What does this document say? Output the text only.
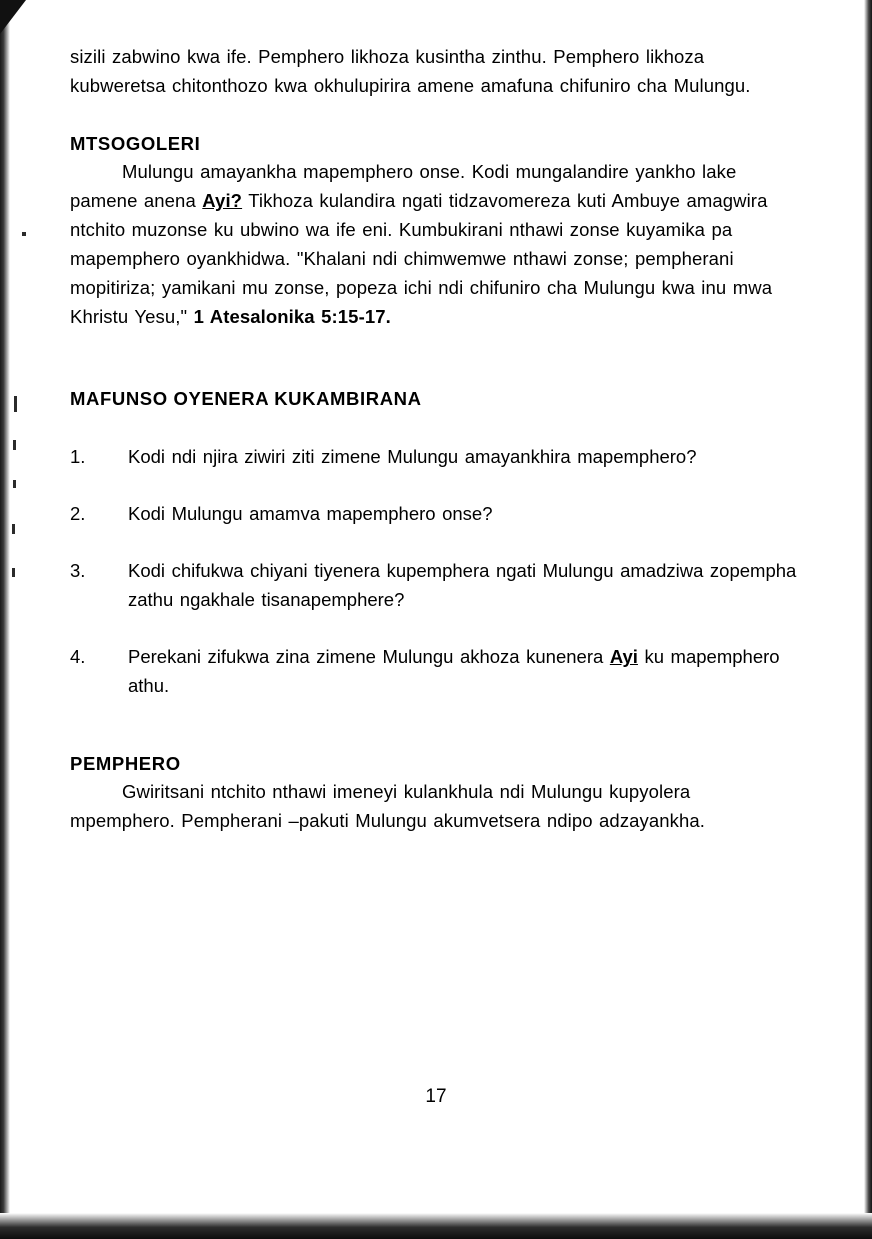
sizili zabwino kwa ife. Pemphero likhoza kusintha zinthu. Pemphero likhoza kubweretsa chitonthozo kwa okhulupirira amene amafuna chifuniro cha Mulungu.

MTSOGOLERI

Mulungu amayankha mapemphero onse. Kodi mungalandire yankho lake pamene anena Ayi? Tikhoza kulandira ngati tidzavomereza kuti Ambuye amagwira ntchito muzonse ku ubwino wa ife eni. Kumbukirani nthawi zonse kuyamika pa mapemphero oyankhidwa. "Khalani ndi chimwemwe nthawi zonse; pempherani mopitiriza; yamikani mu zonse, popeza ichi ndi chifuniro cha Mulungu kwa inu mwa Khristu Yesu," 1 Atesalonika 5:15-17.

MAFUNSO OYENERA KUKAMBIRANA
1.	Kodi ndi njira ziwiri ziti zimene Mulungu amayankhira mapemphero?
2.	Kodi Mulungu amamva mapemphero onse?
3.	Kodi chifukwa chiyani tiyenera kupemphera ngati Mulungu amadziwa zopempha zathu ngakhale tisanapemphere?
4.	Perekani zifukwa zina zimene Mulungu akhoza kunenera Ayi ku mapemphero athu.
PEMPHERO

Gwiritsani ntchito nthawi imeneyi kulankhula ndi Mulungu kupyolera mpemphero. Pempherani –pakuti Mulungu akumvetsera ndipo adzayankha.

17
